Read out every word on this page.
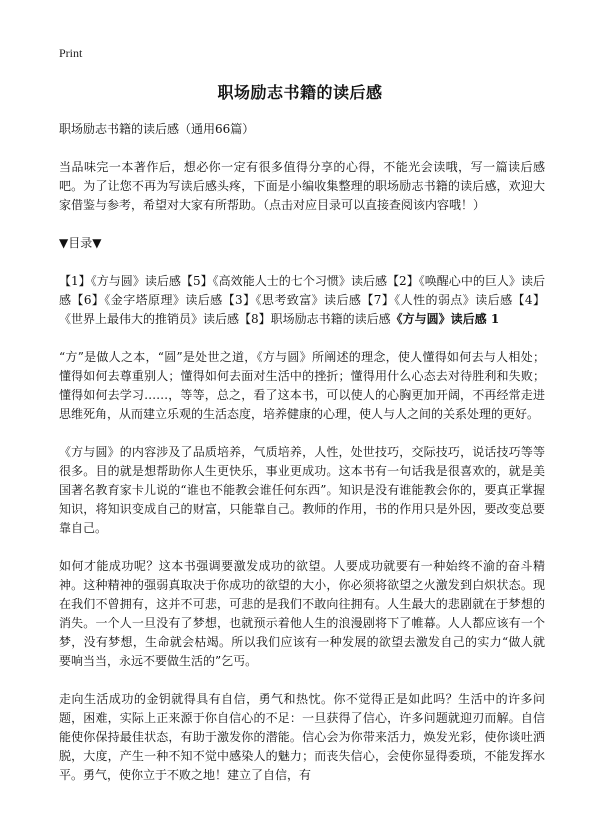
Print
职场励志书籍的读后感

职场励志书籍的读后感（通用66篇）

当品味完一本著作后，想必你一定有很多值得分享的心得，不能光会读哦，写一篇读后感吧。为了让您不再为写读后感头疼，下面是小编收集整理的职场励志书籍的读后感，欢迎大家借鉴与参考，希望对大家有所帮助。（点击对应目录可以直接查阅该内容哦！）

▼目录▼

【1】《方与圆》读后感【5】《高效能人士的七个习惯》读后感【2】《唤醒心中的巨人》读后感【6】《金字塔原理》读后感【3】《思考致富》读后感【7】《人性的弱点》读后感【4】《世界上最伟大的推销员》读后感【8】职场励志书籍的读后感《方与圆》读后感 1

“方”是做人之本，“圆”是处世之道，《方与圆》所阐述的理念，使人懂得如何去与人相处；懂得如何去尊重别人；懂得如何去面对生活中的挫折；懂得用什么心态去对待胜利和失败；懂得如何去学习……，等等，总之，看了这本书，可以使人的心胸更加开阔，不再经常走进思维死角，从而建立乐观的生活态度，培养健康的心理，使人与人之间的关系处理的更好。

《方与圆》的内容涉及了品质培养，气质培养，人性，处世技巧，交际技巧，说话技巧等等很多。目的就是想帮助你人生更快乐，事业更成功。这本书有一句话我是很喜欢的，就是美国著名教育家卡儿说的“谁也不能教会谁任何东西”。知识是没有谁能教会你的，要真正掌握知识，将知识变成自己的财富，只能靠自己。教师的作用，书的作用只是外因，要改变总要靠自己。

如何才能成功呢？这本书强调要激发成功的欲望。人要成功就要有一种始终不渝的奋斗精神。这种精神的强弱真取决于你成功的欲望的大小，你必须将欲望之火激发到白炽状态。现在我们不曾拥有，这并不可悲，可悲的是我们不敢向往拥有。人生最大的悲剧就在于梦想的消失。一个人一旦没有了梦想，也就预示着他人生的浪漫剧将下了帷幕。人人都应该有一个梦，没有梦想，生命就会枯竭。所以我们应该有一种发展的欲望去激发自己的实力“做人就要响当当，永远不要做生活的”乞丐。

走向生活成功的金钥就得具有自信，勇气和热忱。你不觉得正是如此吗？生活中的许多问题，困难，实际上正来源于你自信心的不足：一旦获得了信心，许多问题就迎刃而解。自信能使你保持最佳状态，有助于激发你的潜能。信心会为你带来活力，焕发光彩，使你谈吐洒脱，大度，产生一种不知不觉中感染人的魅力；而丧失信心，会使你显得委琐，不能发挥水平。勇气，使你立于不败之地！建立了自信，有
